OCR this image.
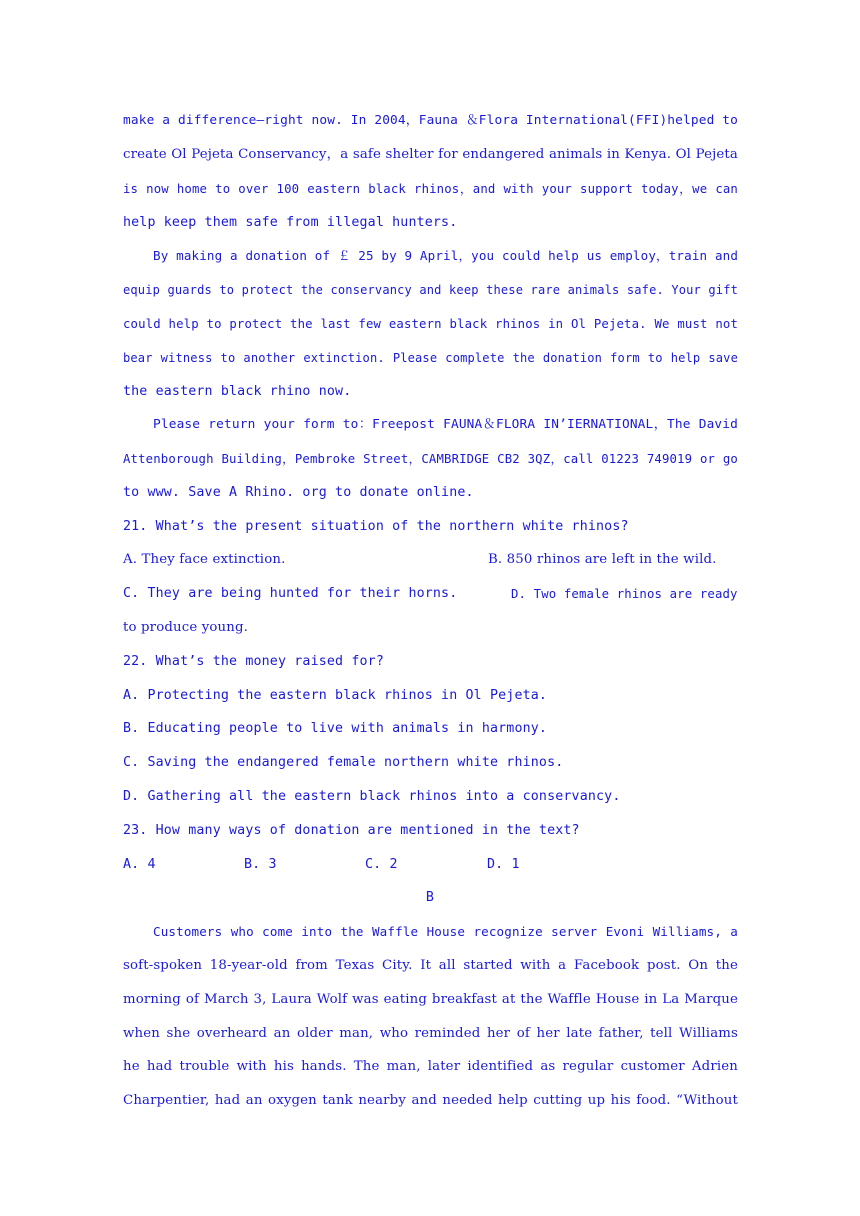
make a difference—right now. In 2004，Fauna ＆Flora International(FFI)helped to
create Ol Pejeta Conservancy，a safe shelter for endangered animals in Kenya. Ol Pejeta
is now home to over 100 eastern black rhinos，and with your support today，we can
help keep them safe from illegal hunters.
By making a donation of ￡ 25 by 9 April，you could help us employ，train and
equip guards to protect the conservancy and keep these rare animals safe. Your gift
could help to protect the last few eastern black rhinos in Ol Pejeta. We must not
bear witness to another extinction. Please complete the donation form to help save
the eastern black rhino now.
Please return your form to：Freepost FAUNA＆FLORA IN’IERNATIONAL，The David
Attenborough Building，Pembroke Street，CAMBRIDGE CB2 3QZ，call 01223 749019 or go
to www. Save A Rhino. org to donate online.
21. What’s the present situation of the northern white rhinos?
A. They face extinction.	B. 850 rhinos are left in the wild.
C. They are being hunted for their horns.	D. Two female rhinos are ready
to produce young.
22. What’s the money raised for?
A. Protecting the eastern black rhinos in Ol Pejeta.
B. Educating people to live with animals in harmony.
C. Saving the endangered female northern white rhinos.
D. Gathering all the eastern black rhinos into a conservancy.
23. How many ways of donation are mentioned in the text?
A. 4	B. 3	C. 2	D. 1
B
Customers who come into the Waffle House recognize server Evoni Williams, a
soft-spoken 18-year-old from Texas City. It all started with a Facebook post. On the
morning of March 3, Laura Wolf was eating breakfast at the Waffle House in La Marque
when she overheard an older man, who reminded her of her late father, tell Williams
he had trouble with his hands. The man, later identified as regular customer Adrien
Charpentier, had an oxygen tank nearby and needed help cutting up his food. “Without
